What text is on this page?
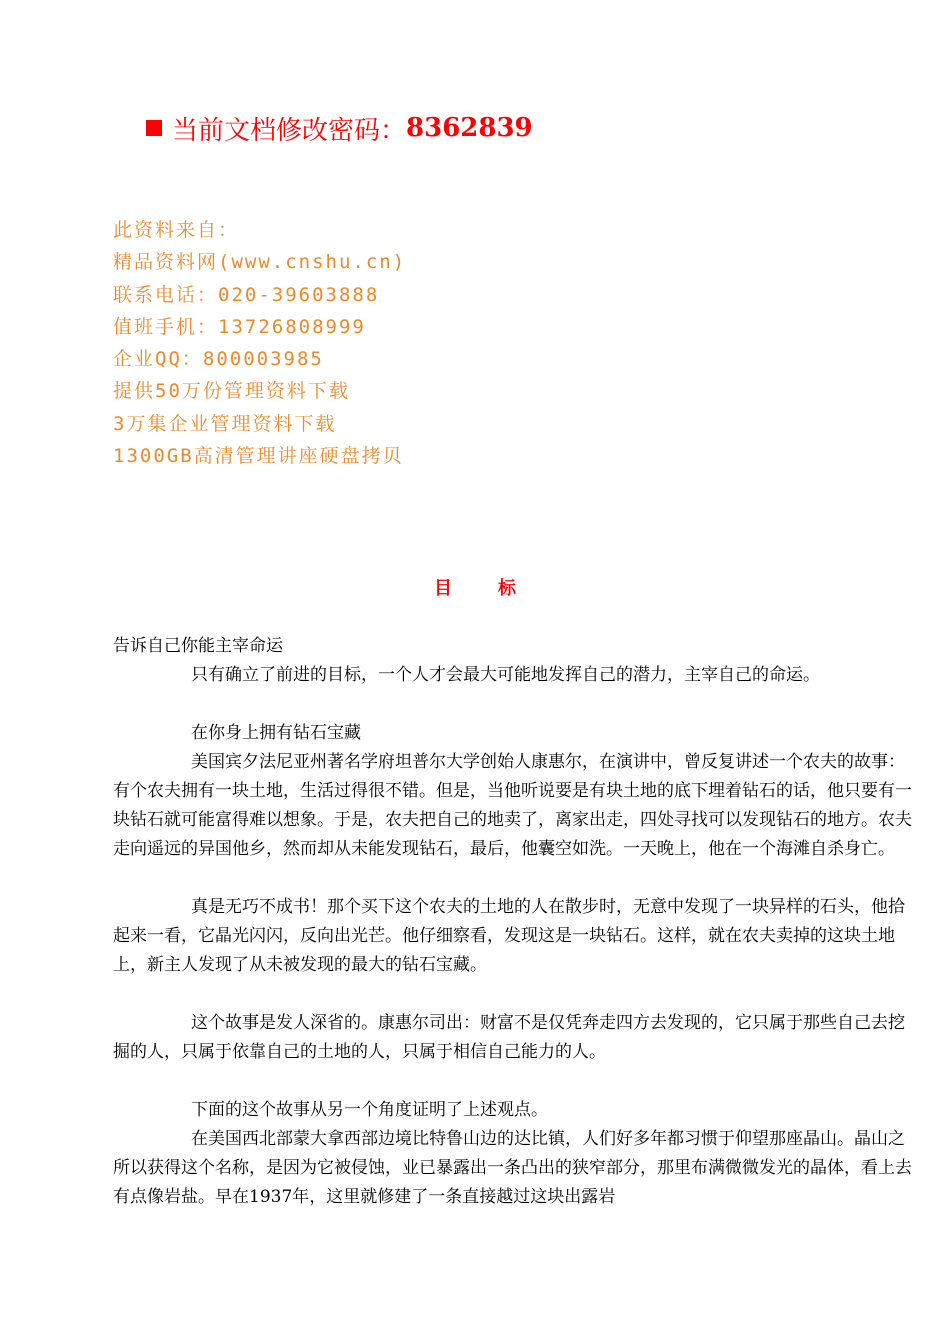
当前文档修改密码： 8362839
此资料来自：
精品资料网(www.cnshu.cn)
联系电话：020-39603888
值班手机：13726808999
企业QQ：800003985
提供50万份管理资料下载
3万集企业管理资料下载
1300GB高清管理讲座硬盘拷贝
目标

告诉自己你能主宰命运

只有确立了前进的目标，一个人才会最大可能地发挥自己的潜力，主宰自己的命运。

在你身上拥有钻石宝藏

美国宾夕法尼亚州著名学府坦普尔大学创始人康惠尔，在演讲中，曾反复讲述一个农夫的故事：有个农夫拥有一块土地，生活过得很不错。但是，当他听说要是有块土地的底下埋着钻石的话，他只要有一块钻石就可能富得难以想象。于是，农夫把自己的地卖了，离家出走，四处寻找可以发现钻石的地方。农夫走向遥远的异国他乡，然而却从未能发现钻石，最后，他囊空如洗。一天晚上，他在一个海滩自杀身亡。

真是无巧不成书！那个买下这个农夫的土地的人在散步时，无意中发现了一块异样的石头，他拾起来一看，它晶光闪闪，反向出光芒。他仔细察看，发现这是一块钻石。这样，就在农夫卖掉的这块土地上，新主人发现了从未被发现的最大的钻石宝藏。

这个故事是发人深省的。康惠尔司出：财富不是仅凭奔走四方去发现的，它只属于那些自己去挖掘的人，只属于依靠自己的土地的人，只属于相信自己能力的人。

下面的这个故事从另一个角度证明了上述观点。

在美国西北部蒙大拿西部边境比特鲁山边的达比镇，人们好多年都习惯于仰望那座晶山。晶山之所以获得这个名称，是因为它被侵蚀，业已暴露出一条凸出的狭窄部分，那里布满微微发光的晶体，看上去有点像岩盐。早在1937年，这里就修建了一条直接越过这块出露岩
